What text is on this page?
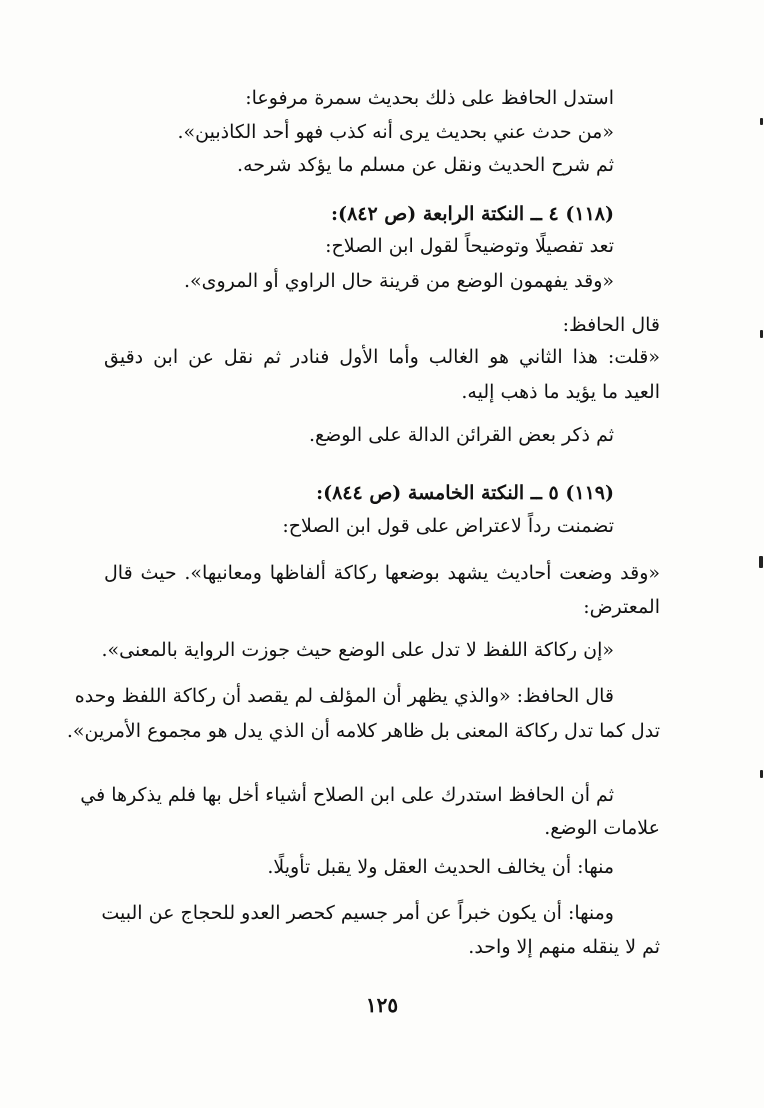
استدل الحافظ على ذلك بحديث سمرة مرفوعا:
«من حدث عني بحديث يرى أنه كذب فهو أحد الكاذبين».
ثم شرح الحديث ونقل عن مسلم ما يؤكد شرحه.
(١١٨) ٤ ــ النكتة الرابعة (ص ٨٤٢):
تعد تفصيلًا وتوضيحاً لقول ابن الصلاح:
«وقد يفهمون الوضع من قرينة حال الراوي أو المروى».
قال الحافظ:
«قلت: هذا الثاني هو الغالب وأما الأول فنادر ثم نقل عن ابن دقيق
العيد ما يؤيد ما ذهب إليه.
ثم ذكر بعض القرائن الدالة على الوضع.
(١١٩) ٥ ــ النكتة الخامسة (ص ٨٤٤):
تضمنت رداً لاعتراض على قول ابن الصلاح:
«وقد وضعت أحاديث يشهد بوضعها ركاكة ألفاظها ومعانيها». حيث قال
المعترض:
«إن ركاكة اللفظ لا تدل على الوضع حيث جوزت الرواية بالمعنى».
قال الحافظ: «والذي يظهر أن المؤلف لم يقصد أن ركاكة اللفظ وحده
تدل كما تدل ركاكة المعنى بل ظاهر كلامه أن الذي يدل هو مجموع الأمرين».
ثم أن الحافظ استدرك على ابن الصلاح أشياء أخل بها فلم يذكرها في
علامات الوضع.
منها: أن يخالف الحديث العقل ولا يقبل تأويلًا.
ومنها: أن يكون خبراً عن أمر جسيم كحصر العدو للحجاج عن البيت
ثم لا ينقله منهم إلا واحد.
١٢٥
